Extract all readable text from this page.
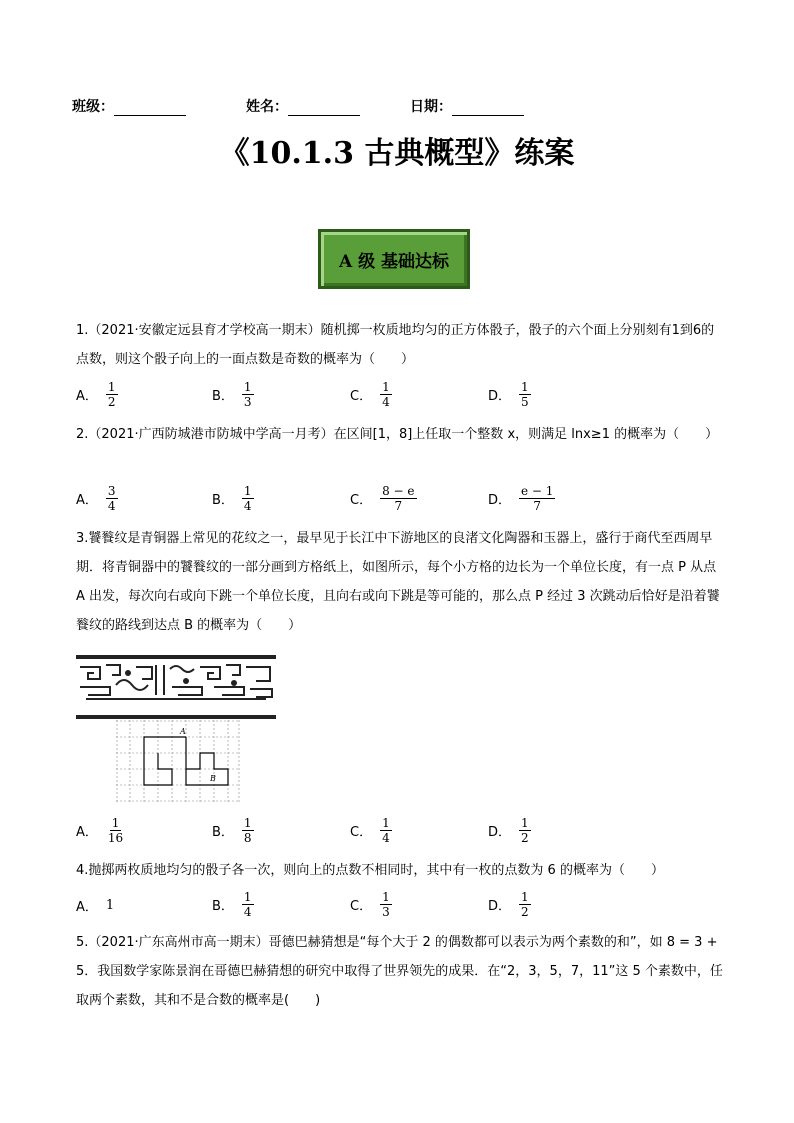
班级：	姓名：	日期：
《10.1.3 古典概型》练案
A 级 基础达标
1.（2021·安徽定远县育才学校高一期末）随机掷一枚质地均匀的正方体骰子，骰子的六个面上分别刻有1到6的点数，则这个骰子向上的一面点数是奇数的概率为（　　）
A． $\frac{1}{2}$	B． $\frac{1}{3}$	C． $\frac{1}{4}$	D． $\frac{1}{5}$
2.（2021·广西防城港市防城中学高一月考）在区间[1，8]上任取一个整数 x，则满足 lnx≥1 的概率为（　　）
A． $\frac{3}{4}$	B． $\frac{1}{4}$	C． $\frac{8 - e}{7}$	D． $\frac{e - 1}{7}$
3.饕餮纹是青铜器上常见的花纹之一，最早见于长江中下游地区的良渚文化陶器和玉器上，盛行于商代至西周早期．将青铜器中的饕餮纹的一部分画到方格纸上，如图所示，每个小方格的边长为一个单位长度，有一点 P 从点 A 出发，每次向右或向下跳一个单位长度，且向右或向下跳是等可能的，那么点 P 经过 3 次跳动后恰好是沿着饕餮纹的路线到达点 B 的概率为（　　）
A
B
A． $\frac{1}{16}$	B． $\frac{1}{8}$	C． $\frac{1}{4}$	D． $\frac{1}{2}$
4.抛掷两枚质地均匀的骰子各一次，则向上的点数不相同时，其中有一枚的点数为 6 的概率为（　　）
A． 1	B． $\frac{1}{4}$	C． $\frac{1}{3}$	D． $\frac{1}{2}$
5.（2021·广东高州市高一期末）哥德巴赫猜想是“每个大于 2 的偶数都可以表示为两个素数的和”，如 8 = 3 + 5．我国数学家陈景润在哥德巴赫猜想的研究中取得了世界领先的成果．在“2，3，5，7，11”这 5 个素数中，任取两个素数，其和不是合数的概率是(　　)
